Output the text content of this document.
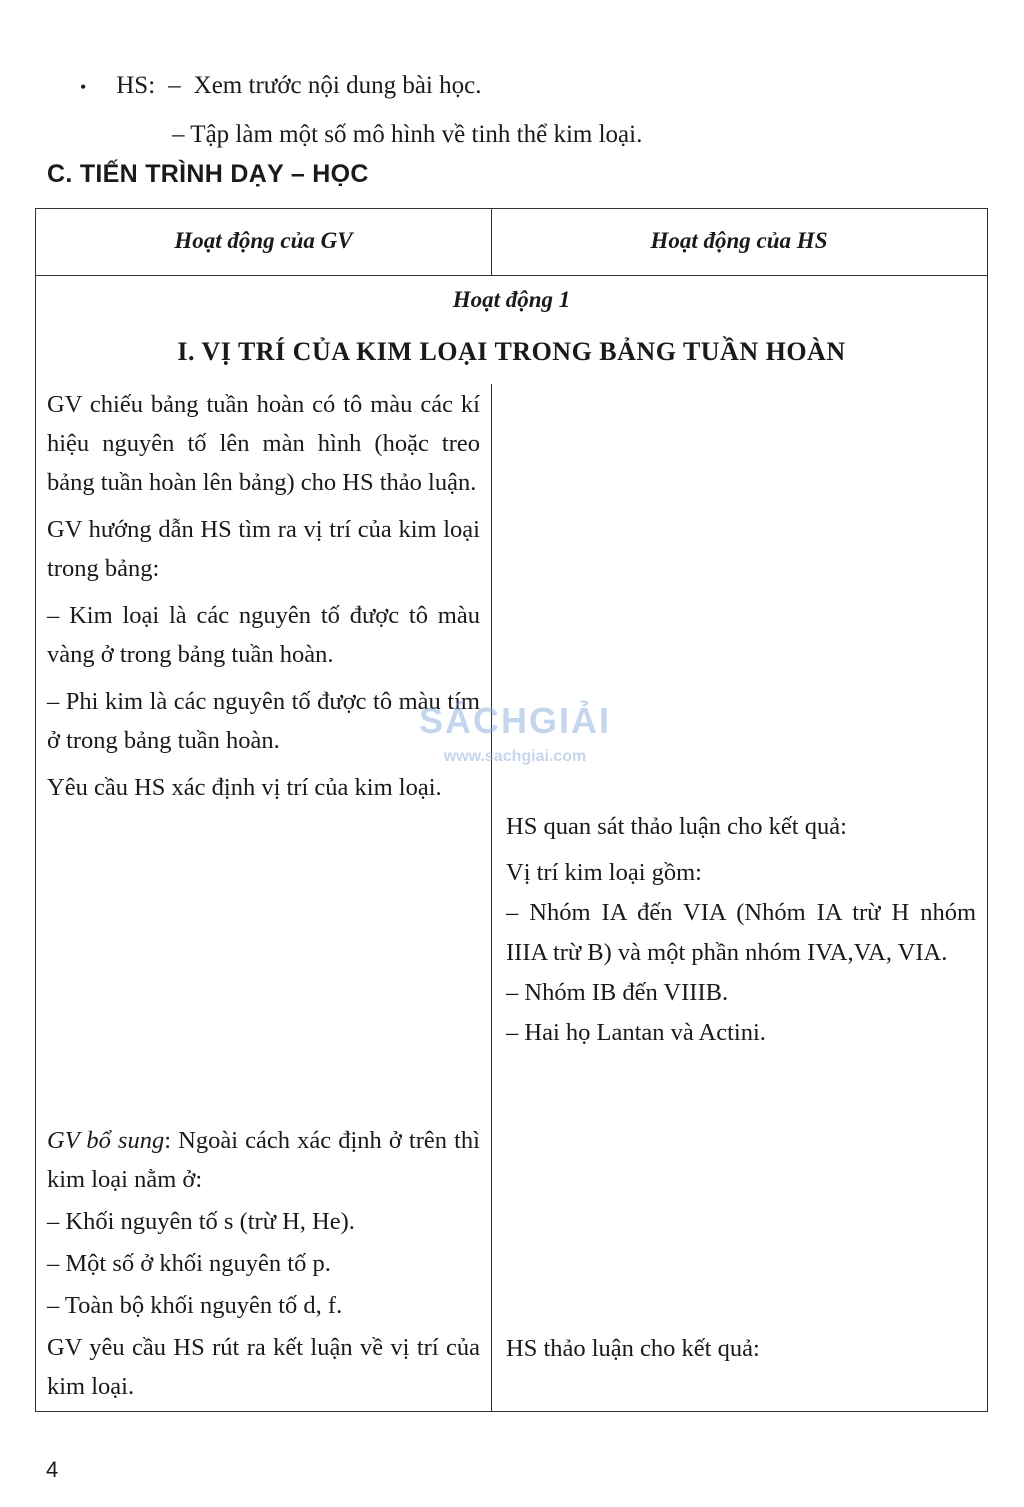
• HS: – Xem trước nội dung bài học.
– Tập làm một số mô hình về tinh thể kim loại.
C. TIẾN TRÌNH DẠY – HỌC
Hoạt động của GV	Hoạt động của HS
Hoạt động 1
I. VỊ TRÍ CỦA KIM LOẠI TRONG BẢNG TUẦN HOÀN

GV chiếu bảng tuần hoàn có tô màu các kí hiệu nguyên tố lên màn hình (hoặc treo bảng tuần hoàn lên bảng) cho HS thảo luận.

GV hướng dẫn HS tìm ra vị trí của kim loại trong bảng:

– Kim loại là các nguyên tố được tô màu vàng ở trong bảng tuần hoàn.

– Phi kim là các nguyên tố được tô màu tím ở trong bảng tuần hoàn.

Yêu cầu HS xác định vị trí của kim loại.

GV bổ sung: Ngoài cách xác định ở trên thì kim loại nằm ở:

– Khối nguyên tố s (trừ H, He).

– Một số ở khối nguyên tố p.

– Toàn bộ khối nguyên tố d, f.

GV yêu cầu HS rút ra kết luận về vị trí của kim loại.

HS quan sát thảo luận cho kết quả:

Vị trí kim loại gồm:

– Nhóm IA đến VIA (Nhóm IA trừ H nhóm IIIA trừ B) và một phần nhóm IVA,VA, VIA.

– Nhóm IB đến VIIIB.

– Hai họ Lantan và Actini.

HS thảo luận cho kết quả:

SÁCHGIẢI
www.sachgiai.com
4
